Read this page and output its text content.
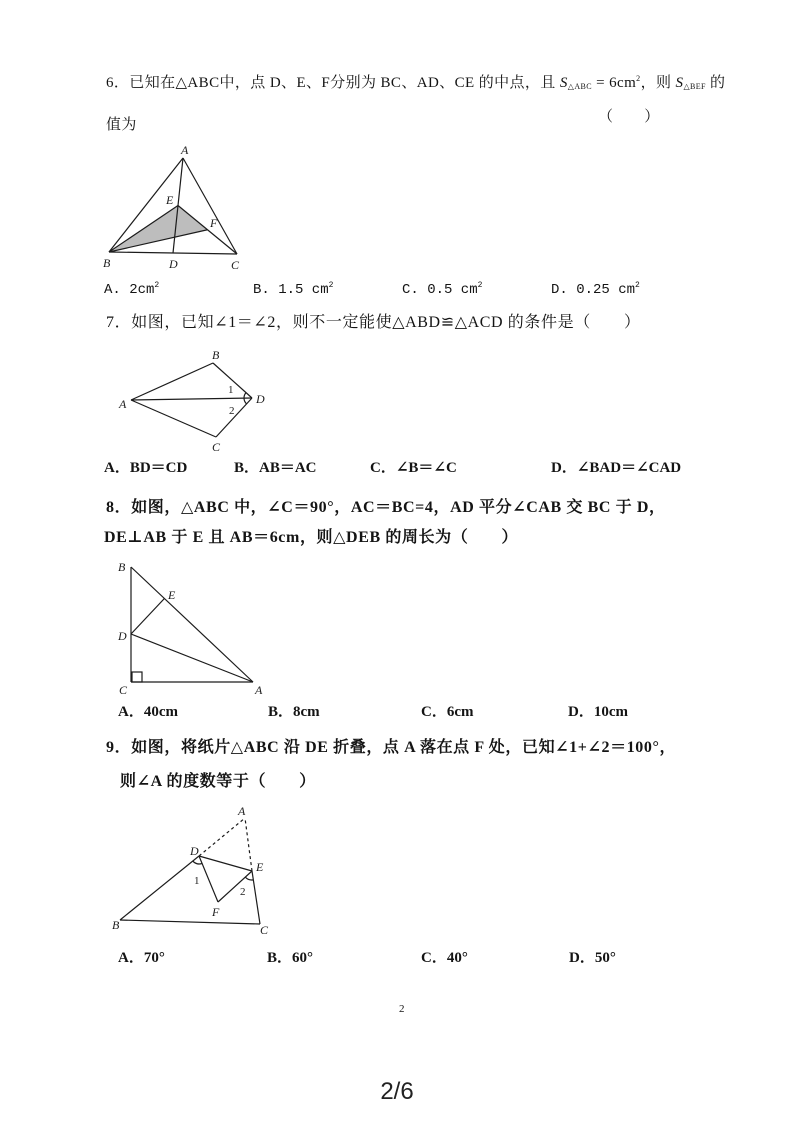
6．已知在△ABC中，点 D、E、F分别为 BC、AD、CE 的中点，且 $S_{\triangle ABC} = 6cm^2$，则 $S_{\triangle BEF}$ 的
值为	（　　）
A
E
F
B	D	C
A. $2cm^2$	B. 1.5 $cm^2$	C. 0.5 $cm^2$	D. 0.25 $cm^2$
7．如图，已知∠1＝∠2，则不一定能使△ABD≌△ACD 的条件是（　　）
A
B
D
C
1
2
A．BD＝CD	B．AB＝AC	C．∠B＝∠C	D．∠BAD＝∠CAD
8．如图，△ABC 中，∠C＝90°，AC＝BC=4，AD 平分∠CAB 交 BC 于 D，
DE⊥AB 于 E 且 AB＝6cm，则△DEB 的周长为（　　）
B
E
D
C	A
A．40cm	B．8cm	C．6cm	D．10cm
9．如图，将纸片△ABC 沿 DE 折叠，点 A 落在点 F 处，已知∠1+∠2＝100°，
则∠A 的度数等于（　　）
A
D
E
B	C
F
1
2
A．70°	B．60°	C．40°	D．50°
2
2/6
